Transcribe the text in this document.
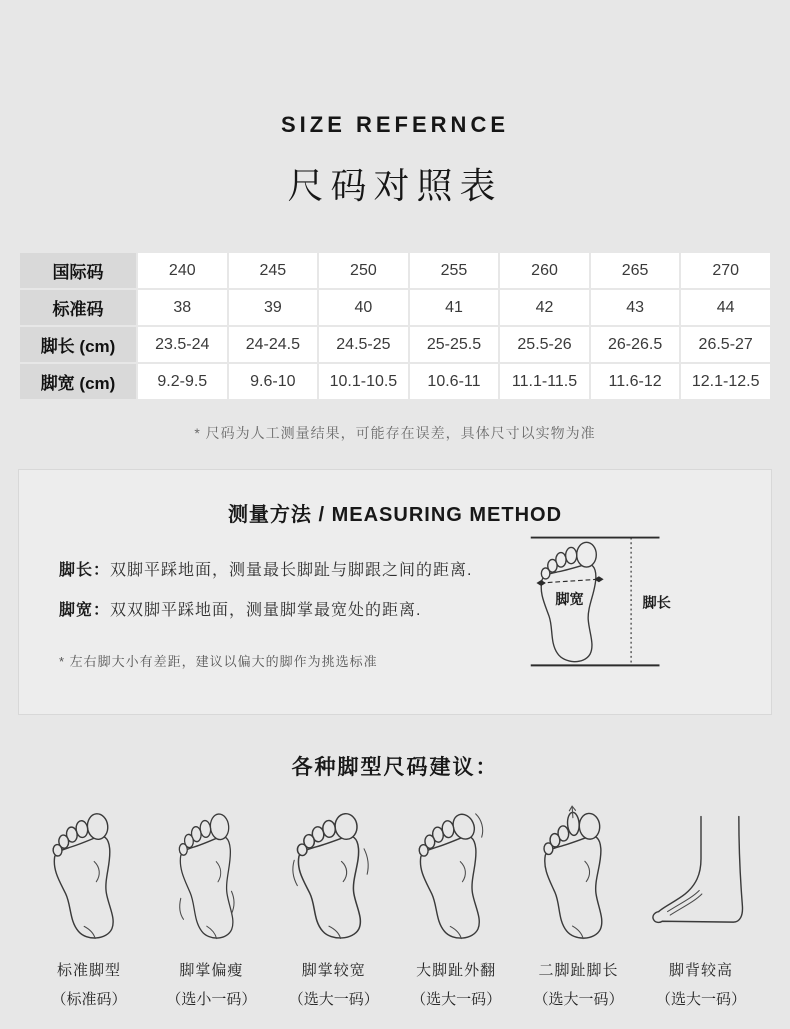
SIZE REFERNCE
尺码对照表
国际码	240	245	250	255	260	265	270
标准码	38	39	40	41	42	43	44
脚长 (cm)	23.5-24	24-24.5	24.5-25	25-25.5	25.5-26	26-26.5	26.5-27
脚宽 (cm)	9.2-9.5	9.6-10	10.1-10.5	10.6-11	11.1-11.5	11.6-12	12.1-12.5
* 尺码为人工测量结果，可能存在误差，具体尺寸以实物为准
测量方法 / MEASURING METHOD

脚长：双脚平踩地面，测量最长脚趾与脚跟之间的距离.

脚宽：双双脚平踩地面，测量脚掌最宽处的距离.

* 左右脚大小有差距，建议以偏大的脚作为挑选标准
脚宽	脚长
各种脚型尺码建议：
标准脚型
（标准码）
脚掌偏瘦
（选小一码）
脚掌较宽
（选大一码）
大脚趾外翻
（选大一码）
二脚趾脚长
（选大一码）
脚背较高
（选大一码）
